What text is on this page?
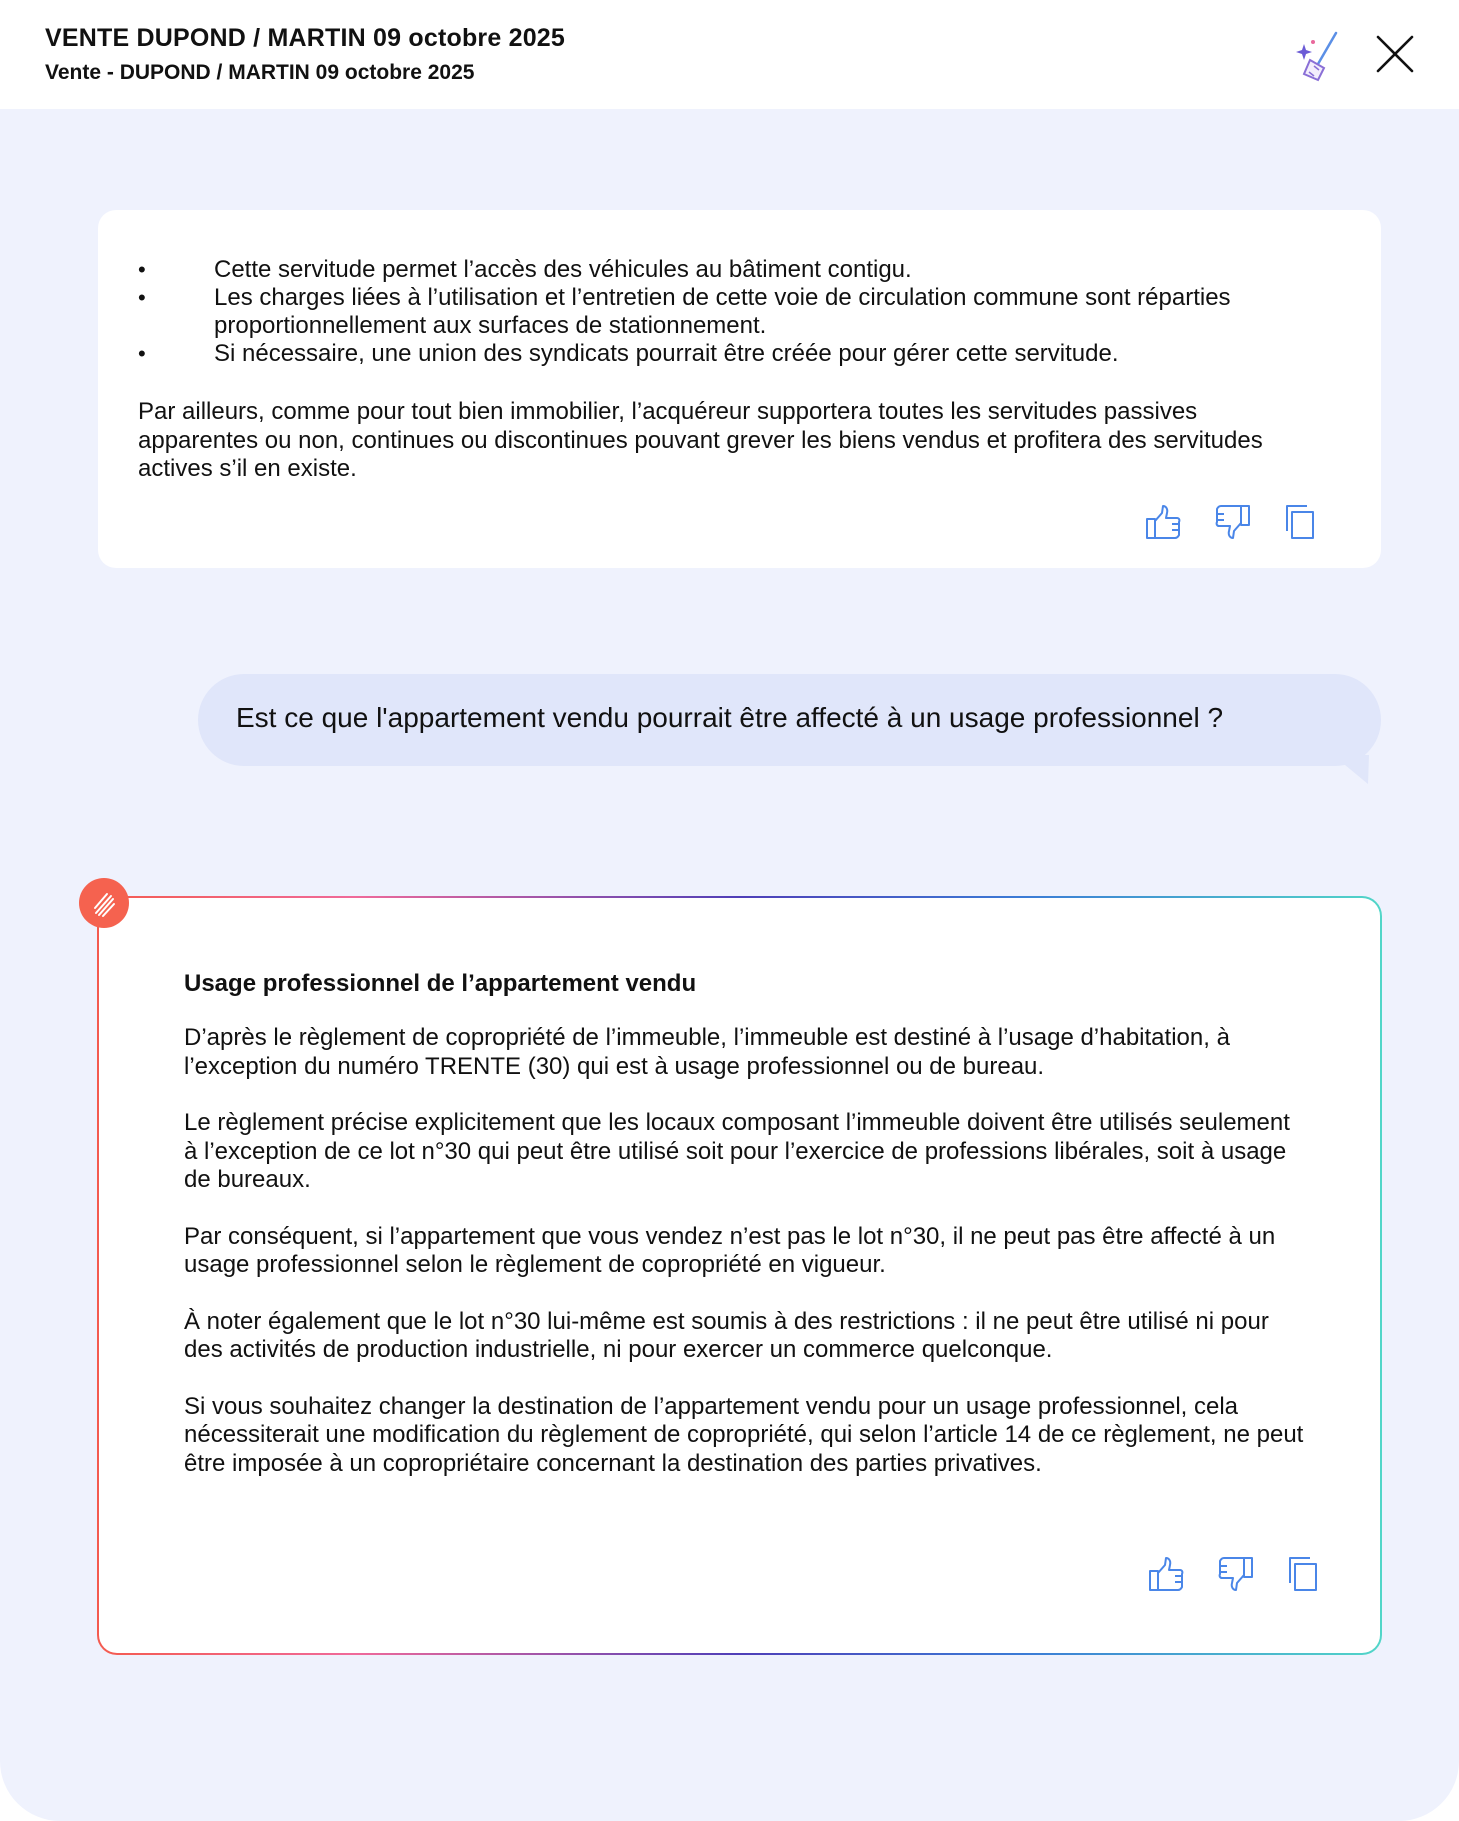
VENTE DUPOND / MARTIN 09 octobre 2025
Vente - DUPOND / MARTIN 09 octobre 2025
• Cette servitude permet l’accès des véhicules au bâtiment contigu.
• Les charges liées à l’utilisation et l’entretien de cette voie de circulation commune sont réparties proportionnellement aux surfaces de stationnement.
• Si nécessaire, une union des syndicats pourrait être créée pour gérer cette servitude.

Par ailleurs, comme pour tout bien immobilier, l’acquéreur supportera toutes les servitudes passives apparentes ou non, continues ou discontinues pouvant grever les biens vendus et profitera des servitudes actives s’il en existe.

Est ce que l'appartement vendu pourrait être affecté à un usage professionnel ?
Usage professionnel de l’appartement vendu

D’après le règlement de copropriété de l’immeuble, l’immeuble est destiné à l’usage d’habitation, à l’exception du numéro TRENTE (30) qui est à usage professionnel ou de bureau.

Le règlement précise explicitement que les locaux composant l’immeuble doivent être utilisés seulement à l’exception de ce lot n°30 qui peut être utilisé soit pour l’exercice de professions libérales, soit à usage de bureaux.

Par conséquent, si l’appartement que vous vendez n’est pas le lot n°30, il ne peut pas être affecté à un usage professionnel selon le règlement de copropriété en vigueur.

À noter également que le lot n°30 lui-même est soumis à des restrictions : il ne peut être utilisé ni pour des activités de production industrielle, ni pour exercer un commerce quelconque.

Si vous souhaitez changer la destination de l’appartement vendu pour un usage professionnel, cela nécessiterait une modification du règlement de copropriété, qui selon l’article 14 de ce règlement, ne peut être imposée à un copropriétaire concernant la destination des parties privatives.
